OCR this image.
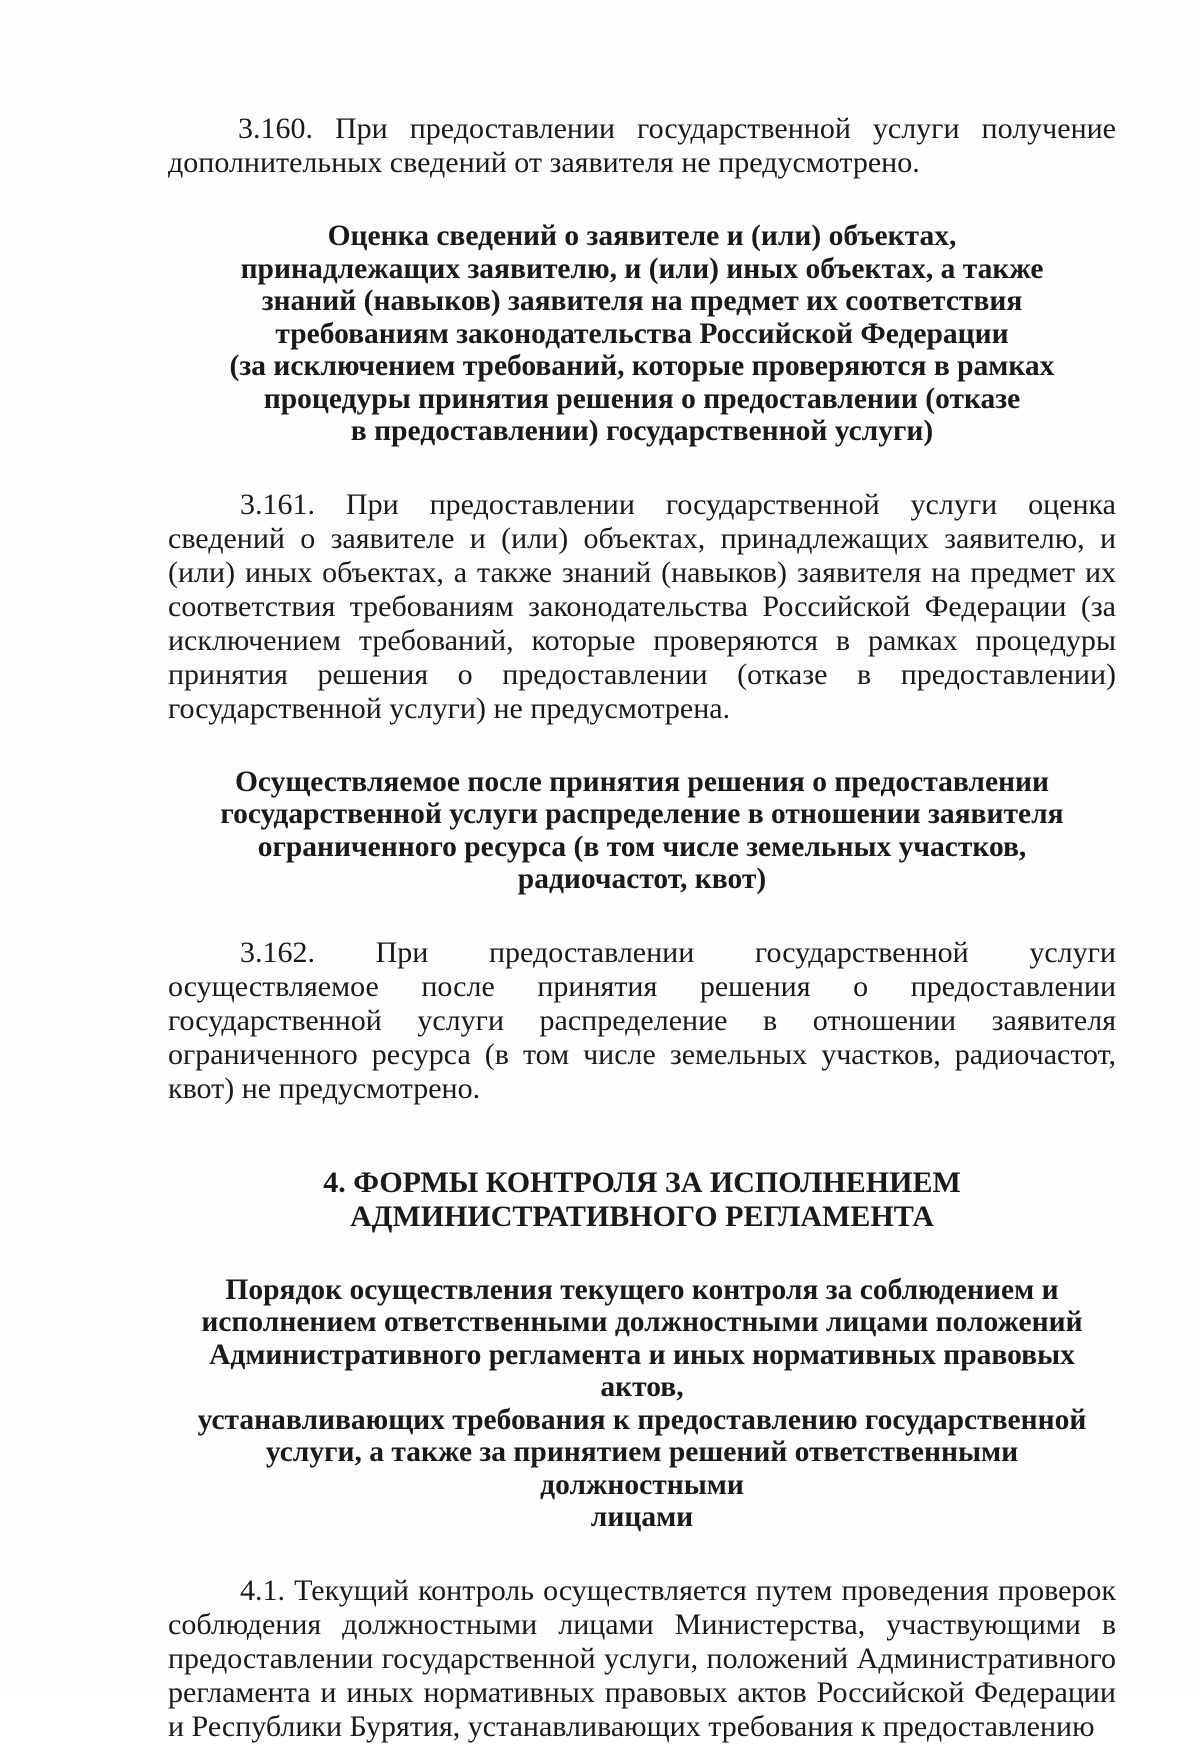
3.160. При предоставлении государственной услуги получение дополнительных сведений от заявителя не предусмотрено.

Оценка сведений о заявителе и (или) объектах,
принадлежащих заявителю, и (или) иных объектах, а также
знаний (навыков) заявителя на предмет их соответствия
требованиям законодательства Российской Федерации
(за исключением требований, которые проверяются в рамках
процедуры принятия решения о предоставлении (отказе
в предоставлении) государственной услуги)

3.161. При предоставлении государственной услуги оценка сведений о заявителе и (или) объектах, принадлежащих заявителю, и (или) иных объектах, а также знаний (навыков) заявителя на предмет их соответствия требованиям законодательства Российской Федерации (за исключением требований, которые проверяются в рамках процедуры принятия решения о предоставлении (отказе в предоставлении) государственной услуги) не предусмотрена.

Осуществляемое после принятия решения о предоставлении
государственной услуги распределение в отношении заявителя
ограниченного ресурса (в том числе земельных участков,
радиочастот, квот)

3.162. При предоставлении государственной услуги осуществляемое после принятия решения о предоставлении государственной услуги распределение в отношении заявителя ограниченного ресурса (в том числе земельных участков, радиочастот, квот) не предусмотрено.

4. ФОРМЫ КОНТРОЛЯ ЗА ИСПОЛНЕНИЕМ
АДМИНИСТРАТИВНОГО РЕГЛАМЕНТА
Порядок осуществления текущего контроля за соблюдением и
исполнением ответственными должностными лицами положений
Административного регламента и иных нормативных правовых актов,
устанавливающих требования к предоставлению государственной
услуги, а также за принятием решений ответственными должностными
лицами

4.1. Текущий контроль осуществляется путем проведения проверок соблюдения должностными лицами Министерства, участвующими в предоставлении государственной услуги, положений Административного регламента и иных нормативных правовых актов Российской Федерации и Республики Бурятия, устанавливающих требования к предоставлению
